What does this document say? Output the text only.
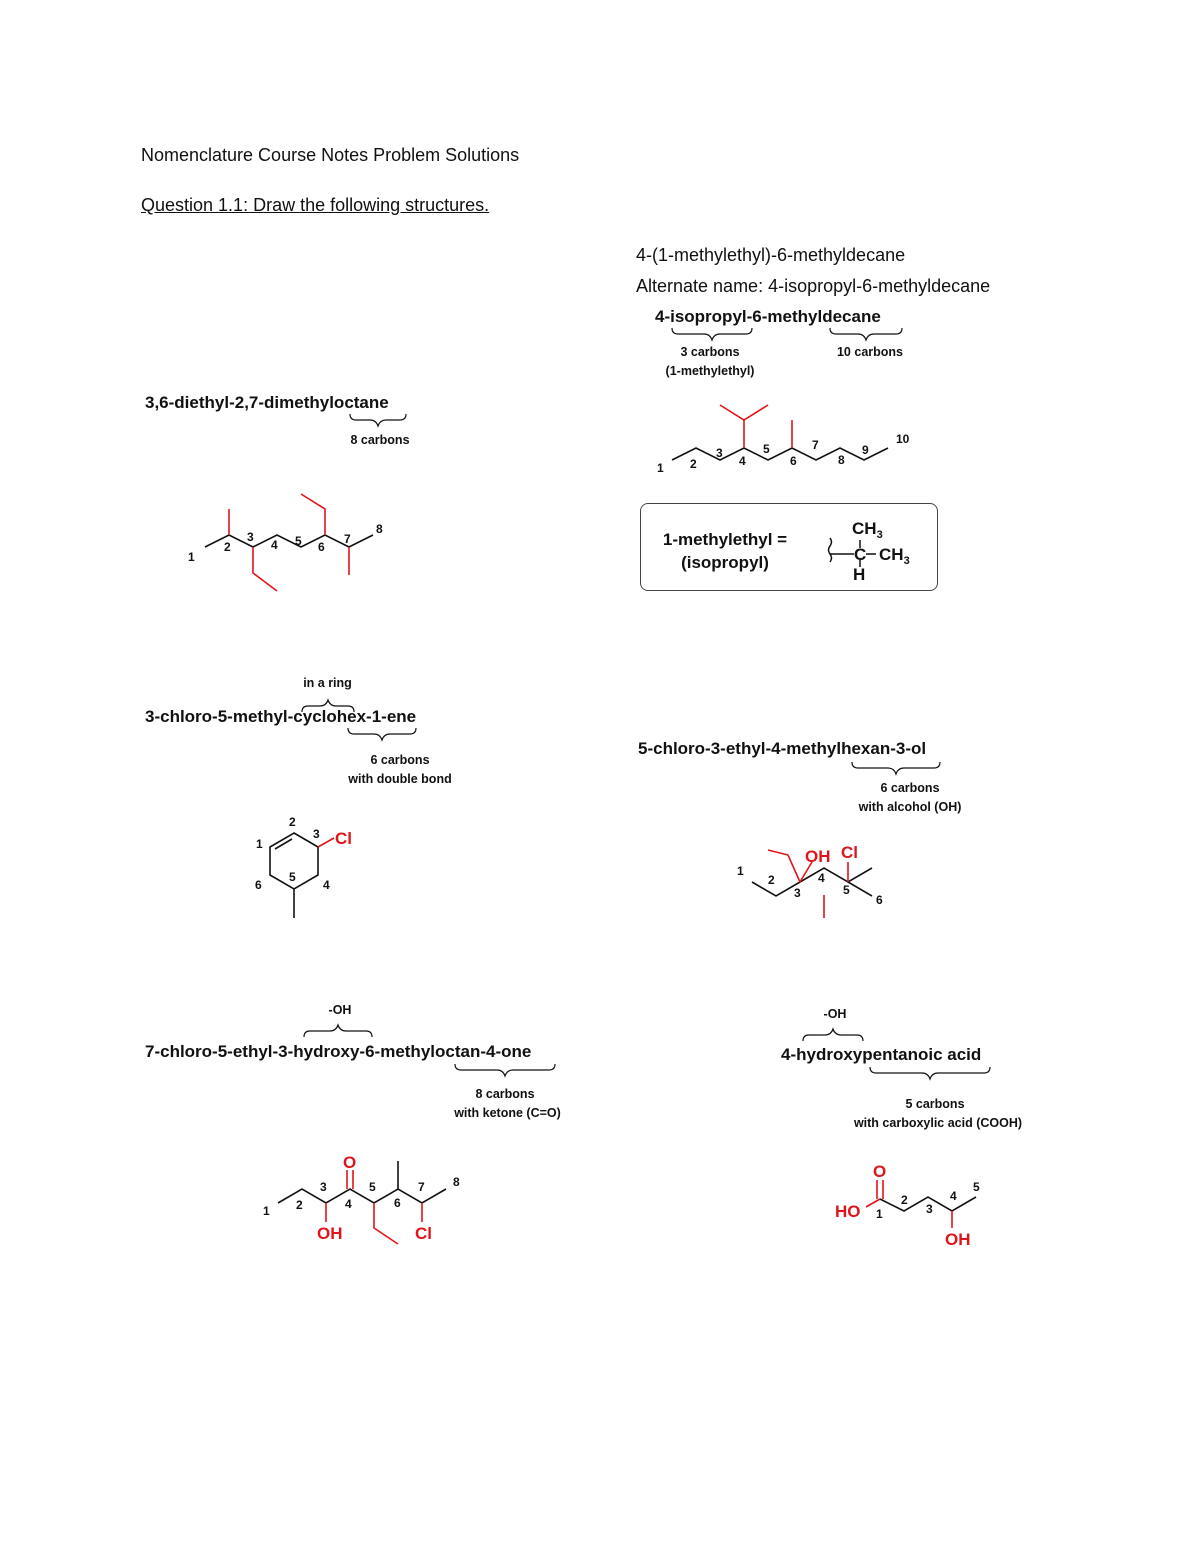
Nomenclature Course Notes Problem Solutions
Question 1.1: Draw the following structures.
4-(1-methylethyl)-6-methyldecane
Alternate name: 4-isopropyl-6-methyldecane
4-isopropyl-6-methyldecane
3,6-diethyl-2,7-dimethyloctane
3-chloro-5-methyl-cyclohex-1-ene
5-chloro-3-ethyl-4-methylhexan-3-ol
7-chloro-5-ethyl-3-hydroxy-6-methyloctan-4-one	4-hydroxypentanoic acid
3 carbons
(1-methylethyl)
10 carbons
8 carbons
in a ring
6 carbons
with double bond
6 carbons
with alcohol (OH)
-OH
8 carbons
with ketone (C=O)
-OH
5 carbons
with carboxylic acid (COOH)
1-methylethyl =
(isopropyl)
1
2
3
4 5 6
7
8
1 2
3
4
5
6
7
8
9
10
$CH_3$
C $CH_3$
H
1
2
3
4
5
6
Cl
1
2
3
4
5
6
OH Cl
1 2
3
4
5
6
7 8
O
OH	Cl
1
2
3
4
5
O
HO
OH
